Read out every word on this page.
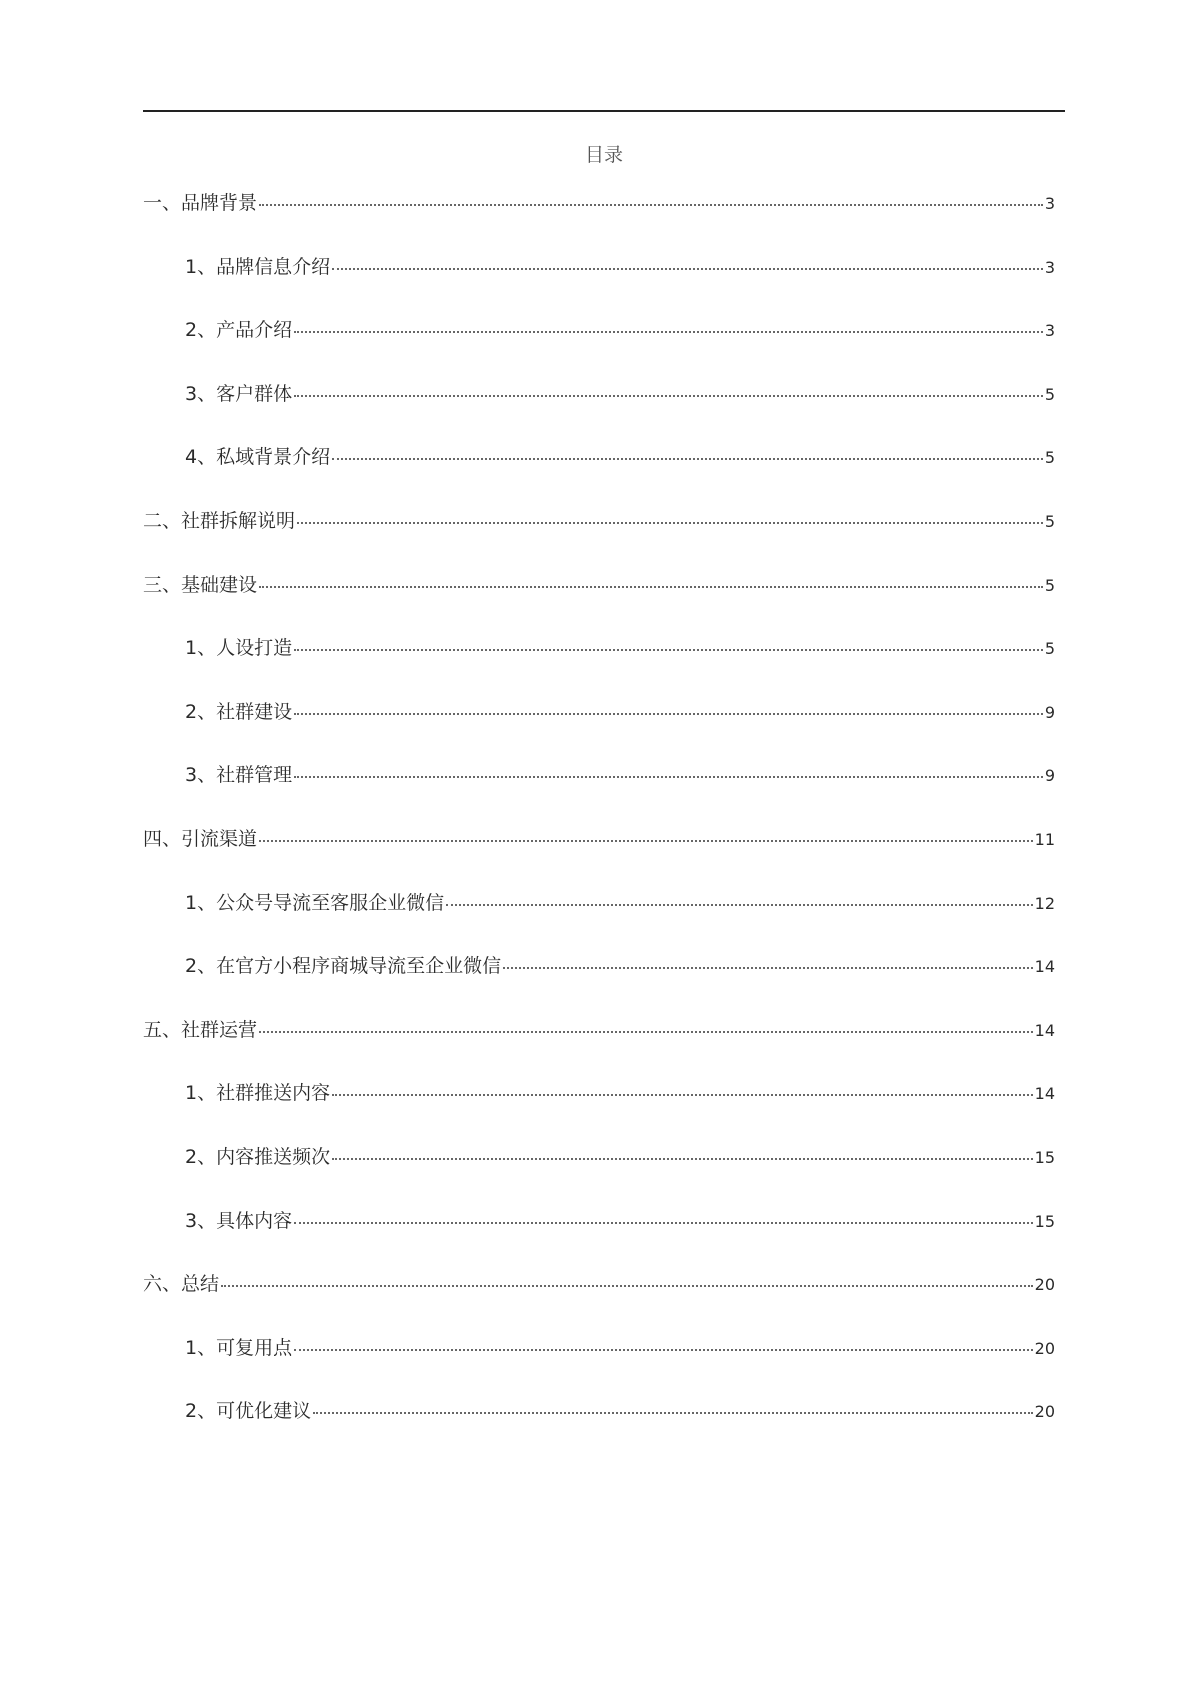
目录
一、品牌背景	3
1、品牌信息介绍	3
2、产品介绍	3
3、客户群体	5
4、私域背景介绍	5
二、社群拆解说明	5
三、基础建设	5
1、人设打造	5
2、社群建设	9
3、社群管理	9
四、引流渠道	11
1、公众号导流至客服企业微信	12
2、在官方小程序商城导流至企业微信	14
五、社群运营	14
1、社群推送内容	14
2、内容推送频次	15
3、具体内容	15
六、总结	20
1、可复用点	20
2、可优化建议	20
